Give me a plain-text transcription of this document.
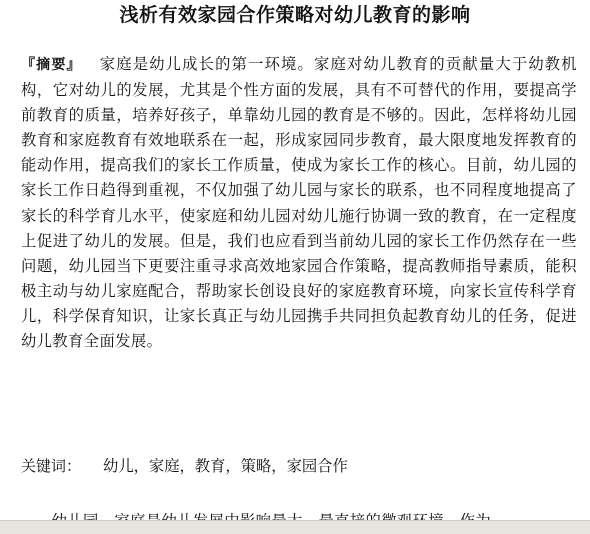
浅析有效家园合作策略对幼儿教育的影响
『摘要』 家庭是幼儿成长的第一环境。家庭对幼儿教育的贡献量大于幼教机构，它对幼儿的发展，尤其是个性方面的发展，具有不可替代的作用，要提高学前教育的质量，培养好孩子，单靠幼儿园的教育是不够的。因此，怎样将幼儿园教育和家庭教育有效地联系在一起，形成家园同步教育，最大限度地发挥教育的能动作用，提高我们的家长工作质量，使成为家长工作的核心。目前，幼儿园的家长工作日趋得到重视，不仅加强了幼儿园与家长的联系，也不同程度地提高了家长的科学育儿水平，使家庭和幼儿园对幼儿施行协调一致的教育，在一定程度上促进了幼儿的发展。但是，我们也应看到当前幼儿园的家长工作仍然存在一些问题，幼儿园当下更要注重寻求高效地家园合作策略，提高教师指导素质，能积极主动与幼儿家庭配合，帮助家长创设良好的家庭教育环境，向家长宣传科学育儿，科学保育知识，让家长真正与幼儿园携手共同担负起教育幼儿的任务，促进幼儿教育全面发展。
关键词： 幼儿，家庭，教育，策略，家园合作
